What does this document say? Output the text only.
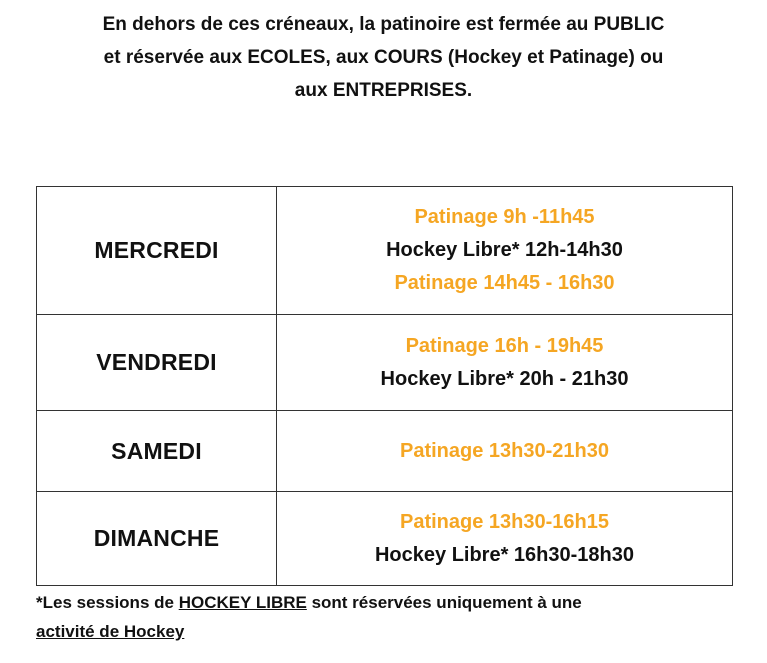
En dehors de ces créneaux, la patinoire est fermée au PUBLIC

et réservée aux ECOLES, aux COURS (Hockey et Patinage) ou

aux ENTREPRISES.

MERCREDI	Patinage 9h -11h45
Hockey Libre* 12h-14h30
Patinage 14h45 - 16h30

VENDREDI	Patinage 16h - 19h45
Hockey Libre* 20h - 21h30

SAMEDI	Patinage 13h30-21h30

DIMANCHE	Patinage 13h30-16h15
Hockey Libre* 16h30-18h30

*Les sessions de HOCKEY LIBRE sont réservées uniquement à une

activité de Hockey
